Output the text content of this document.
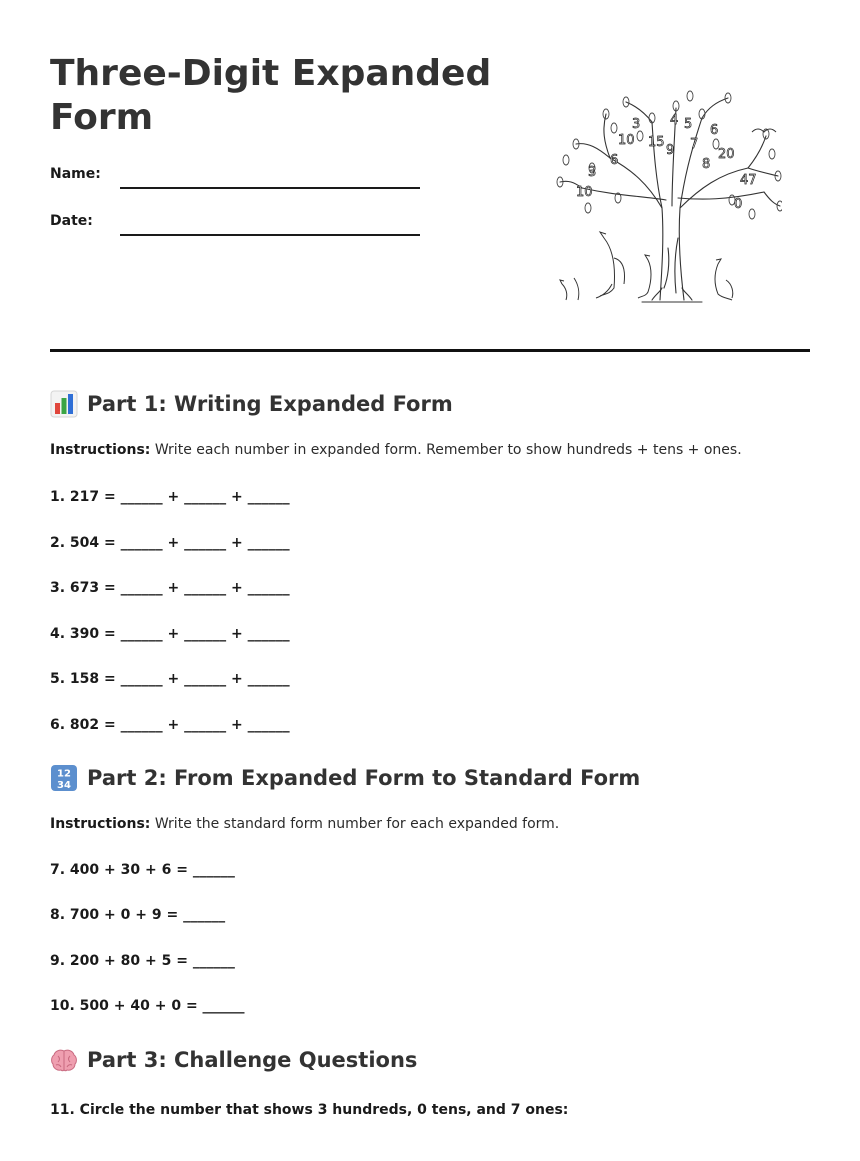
Three-Digit Expanded Form
Name:
Date:
3 4 5 6
10 15
9
8
20
47
6
3
10
7
0
Part 1: Writing Expanded Form
Instructions: Write each number in expanded form. Remember to show hundreds + tens + ones.
1. 217 = ______ + ______ + ______
2. 504 = ______ + ______ + ______
3. 673 = ______ + ______ + ______
4. 390 = ______ + ______ + ______
5. 158 = ______ + ______ + ______
6. 802 = ______ + ______ + ______
12
34 Part 2: From Expanded Form to Standard Form
Instructions: Write the standard form number for each expanded form.
7. 400 + 30 + 6 = ______
8. 700 + 0 + 9 = ______
9. 200 + 80 + 5 = ______
10. 500 + 40 + 0 = ______
Part 3: Challenge Questions
11. Circle the number that shows 3 hundreds, 0 tens, and 7 ones:
